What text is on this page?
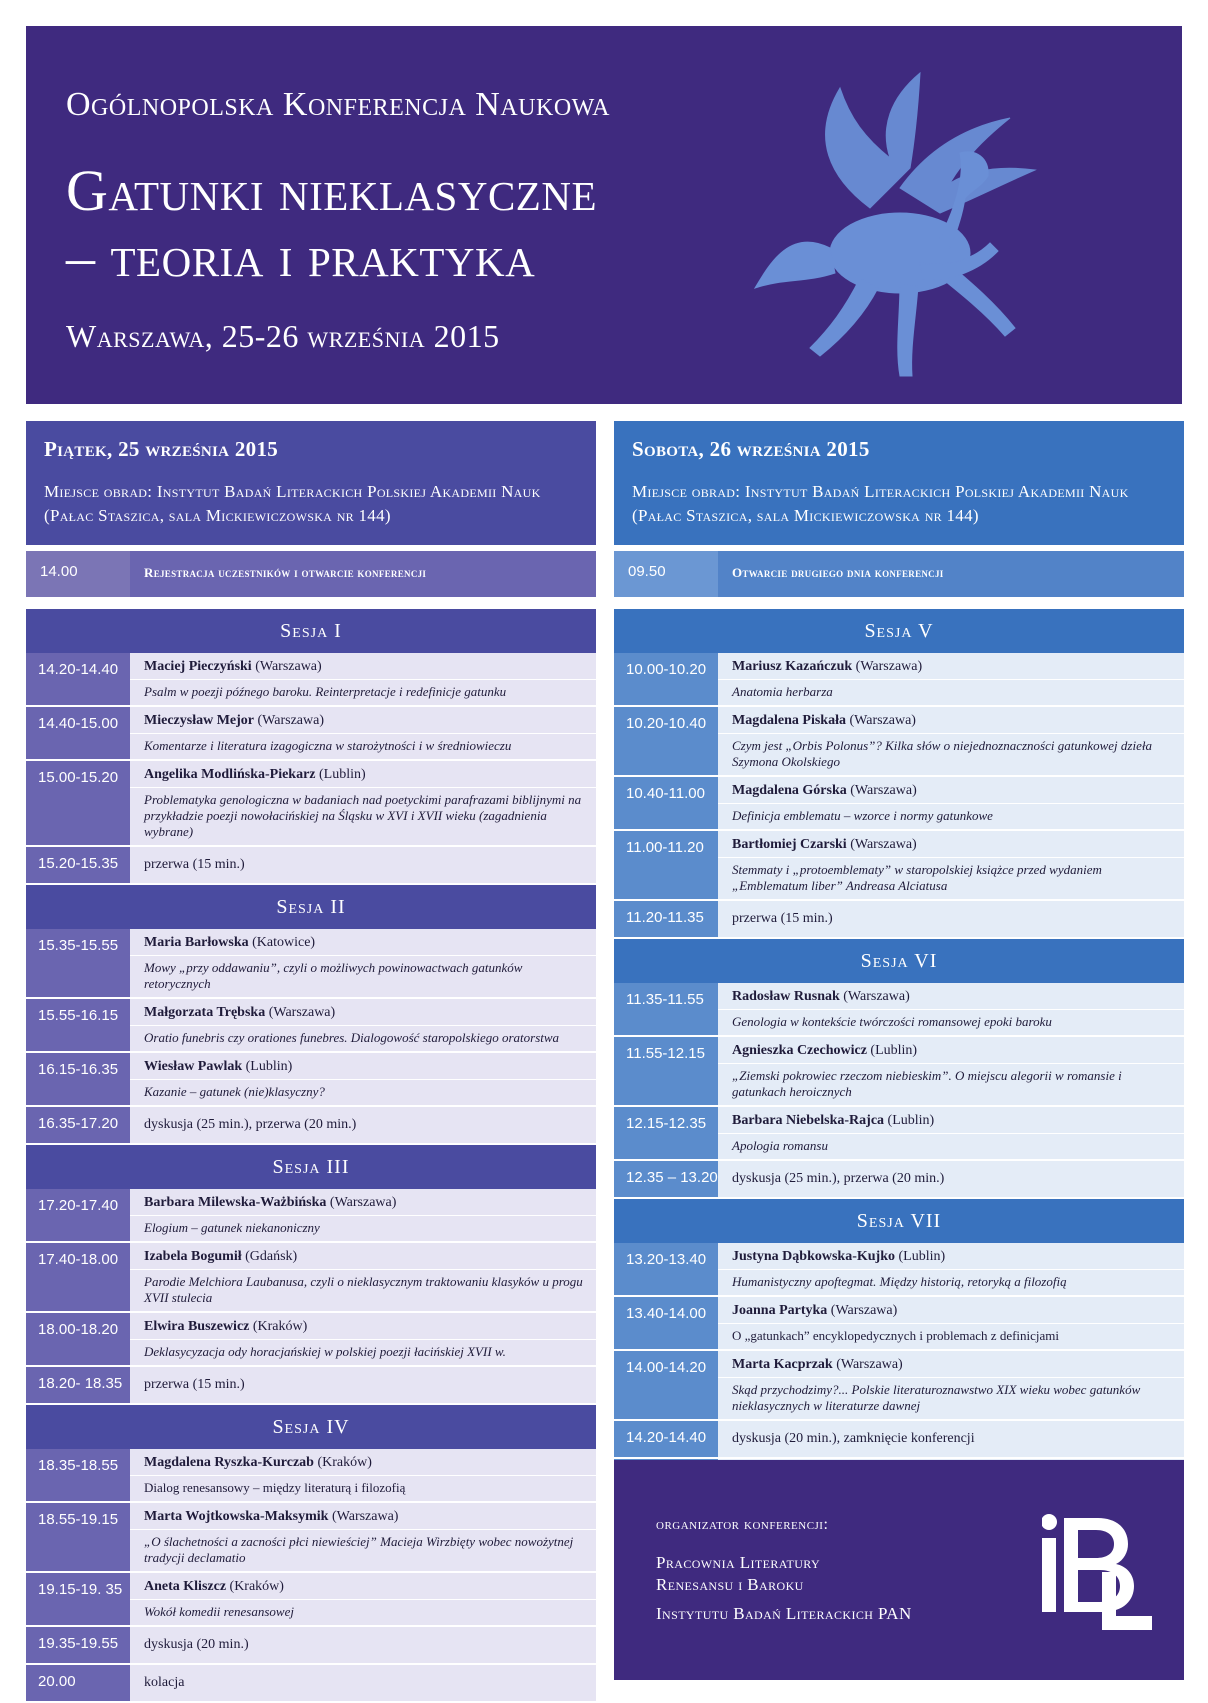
Ogólnopolska Konferencja Naukowa
Gatunki nieklasyczne
– teoria i praktyka
Warszawa, 25-26 września 2015
Piątek, 25 września 2015
Miejsce obrad: Instytut Badań Literackich Polskiej Akademii Nauk
(Pałac Staszica, sala Mickiewiczowska nr 144)
14.00	Rejestracja uczestników i otwarcie konferencji
Sesja I
14.20-14.40	Maciej Pieczyński (Warszawa)
Psalm w poezji późnego baroku. Reinterpretacje i redefinicje gatunku
14.40-15.00	Mieczysław Mejor (Warszawa)
Komentarze i literatura izagogiczna w starożytności i w średniowieczu
15.00-15.20	Angelika Modlińska-Piekarz (Lublin)
Problematyka genologiczna w badaniach nad poetyckimi parafrazami biblijnymi na przykładzie poezji nowołacińskiej na Śląsku w XVI i XVII wieku (zagadnienia wybrane)
15.20-15.35	przerwa (15 min.)
Sesja II
15.35-15.55	Maria Barłowska (Katowice)
Mowy „przy oddawaniu”, czyli o możliwych powinowactwach gatunków retorycznych
15.55-16.15	Małgorzata Trębska (Warszawa)
Oratio funebris czy orationes funebres. Dialogowość staropolskiego oratorstwa
16.15-16.35	Wiesław Pawlak (Lublin)
Kazanie – gatunek (nie)klasyczny?
16.35-17.20	dyskusja (25 min.), przerwa (20 min.)
Sesja III
17.20-17.40	Barbara Milewska-Ważbińska (Warszawa)
Elogium – gatunek niekanoniczny
17.40-18.00	Izabela Bogumił (Gdańsk)
Parodie Melchiora Laubanusa, czyli o nieklasycznym traktowaniu klasyków u progu XVII stulecia
18.00-18.20	Elwira Buszewicz (Kraków)
Deklasycyzacja ody horacjańskiej w polskiej poezji łacińskiej XVII w.
18.20- 18.35	przerwa (15 min.)
Sesja IV
18.35-18.55	Magdalena Ryszka-Kurczab (Kraków)
Dialog renesansowy – między literaturą i filozofią
18.55-19.15	Marta Wojtkowska-Maksymik (Warszawa)
„O ślachetności a zacności płci niewieściej” Macieja Wirzbięty wobec nowożytnej tradycji declamatio
19.15-19. 35	Aneta Kliszcz (Kraków)
Wokół komedii renesansowej
19.35-19.55	dyskusja (20 min.)
20.00	kolacja
Sobota, 26 września 2015
Miejsce obrad: Instytut Badań Literackich Polskiej Akademii Nauk
(Pałac Staszica, sala Mickiewiczowska nr 144)
09.50	Otwarcie drugiego dnia konferencji
Sesja V
10.00-10.20	Mariusz Kazańczuk (Warszawa)
Anatomia herbarza
10.20-10.40	Magdalena Piskała (Warszawa)
Czym jest „Orbis Polonus”? Kilka słów o niejednoznaczności gatunkowej dzieła Szymona Okolskiego
10.40-11.00	Magdalena Górska (Warszawa)
Definicja emblematu – wzorce i normy gatunkowe
11.00-11.20	Bartłomiej Czarski (Warszawa)
Stemmaty i „protoemblematy” w staropolskiej książce przed wydaniem „Emblematum liber” Andreasa Alciatusa
11.20-11.35	przerwa (15 min.)
Sesja VI
11.35-11.55	Radosław Rusnak (Warszawa)
Genologia w kontekście twórczości romansowej epoki baroku
11.55-12.15	Agnieszka Czechowicz (Lublin)
„Ziemski pokrowiec rzeczom niebieskim”. O miejscu alegorii w romansie i gatunkach heroicznych
12.15-12.35	Barbara Niebelska-Rajca (Lublin)
Apologia romansu
12.35 – 13.20	dyskusja (25 min.), przerwa (20 min.)
Sesja VII
13.20-13.40	Justyna Dąbkowska-Kujko (Lublin)
Humanistyczny apoftegmat. Między historią, retoryką a filozofią
13.40-14.00	Joanna Partyka (Warszawa)
O „gatunkach” encyklopedycznych i problemach z definicjami
14.00-14.20	Marta Kacprzak (Warszawa)
Skąd przychodzimy?... Polskie literaturoznawstwo XIX wieku wobec gatunków nieklasycznych w literaturze dawnej
14.20-14.40	dyskusja (20 min.), zamknięcie konferencji
organizator konferencji:
Pracownia Literatury
Renesansu i Baroku
Instytutu Badań Literackich PAN
